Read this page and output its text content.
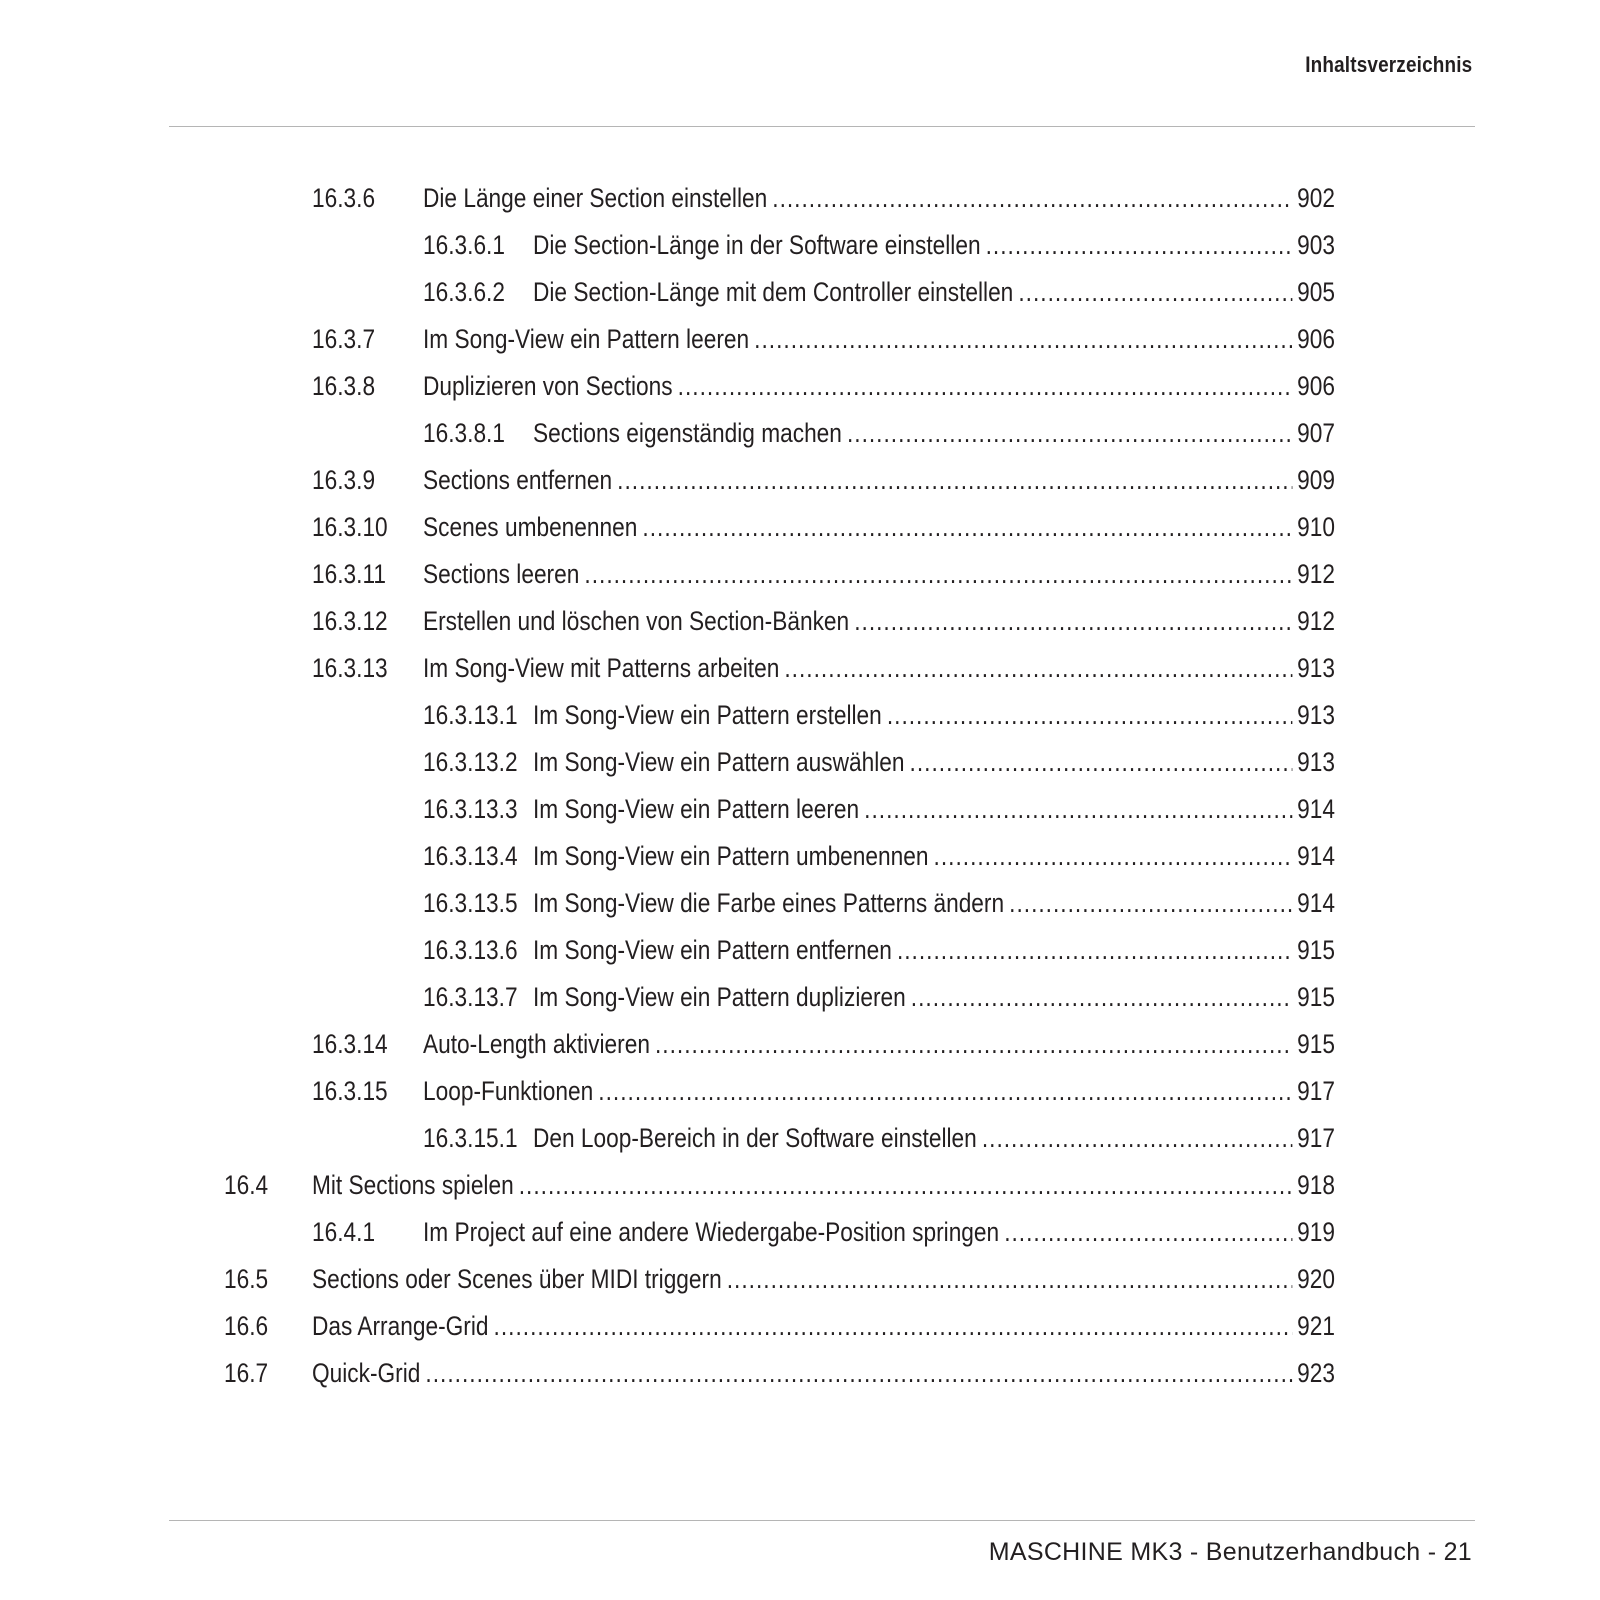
Inhaltsverzeichnis
16.3.6 Die Länge einer Section einstellen .....	902
16.3.6.1 Die Section-Länge in der Software einstellen .....	903
16.3.6.2 Die Section-Länge mit dem Controller einstellen .....	905
16.3.7 Im Song-View ein Pattern leeren .....	906
16.3.8 Duplizieren von Sections .....	906
16.3.8.1 Sections eigenständig machen .....	907
16.3.9 Sections entfernen .....	909
16.3.10 Scenes umbenennen .....	910
16.3.11 Sections leeren .....	912
16.3.12 Erstellen und löschen von Section-Bänken .....	912
16.3.13 Im Song-View mit Patterns arbeiten .....	913
16.3.13.1 Im Song-View ein Pattern erstellen .....	913
16.3.13.2 Im Song-View ein Pattern auswählen .....	913
16.3.13.3 Im Song-View ein Pattern leeren .....	914
16.3.13.4 Im Song-View ein Pattern umbenennen .....	914
16.3.13.5 Im Song-View die Farbe eines Patterns ändern .....	914
16.3.13.6 Im Song-View ein Pattern entfernen .....	915
16.3.13.7 Im Song-View ein Pattern duplizieren .....	915
16.3.14 Auto-Length aktivieren .....	915
16.3.15 Loop-Funktionen .....	917
16.3.15.1 Den Loop-Bereich in der Software einstellen .....	917
16.4 Mit Sections spielen .....	918
16.4.1 Im Project auf eine andere Wiedergabe-Position springen .....	919
16.5 Sections oder Scenes über MIDI triggern .....	920
16.6 Das Arrange-Grid .....	921
16.7 Quick-Grid .....	923
MASCHINE MK3 - Benutzerhandbuch - 21
